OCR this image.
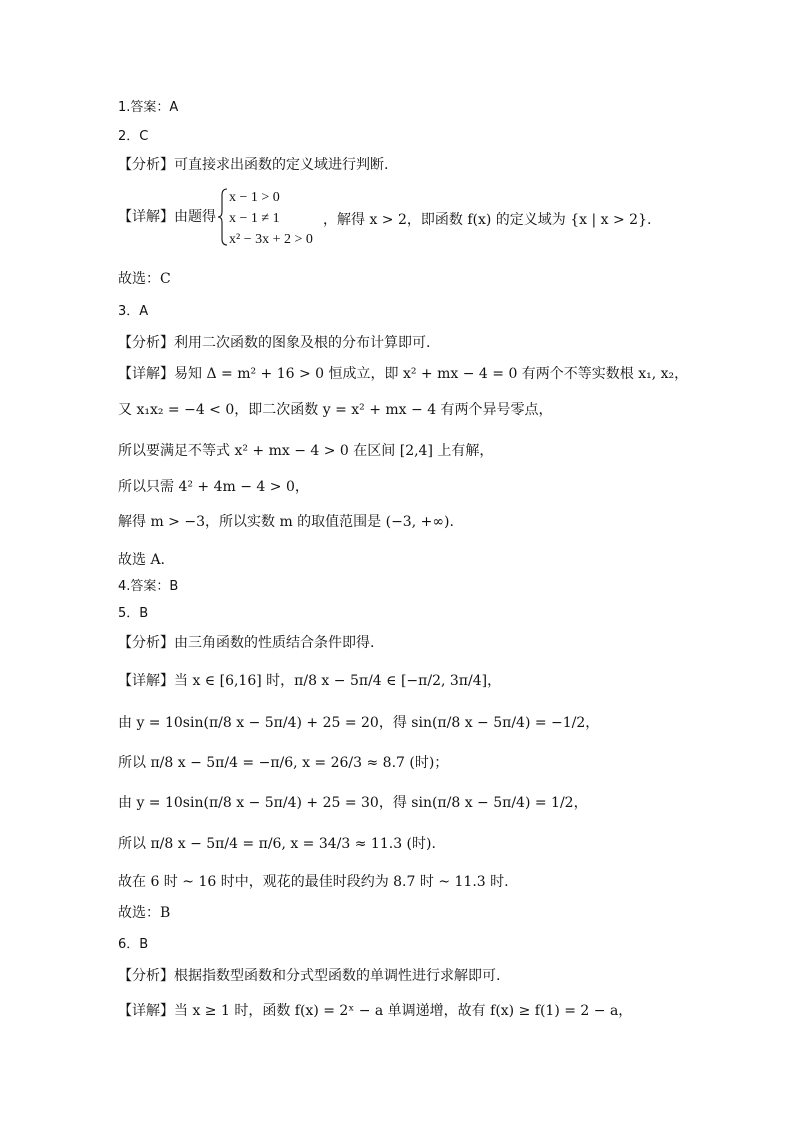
1.答案：A
2．C
【分析】可直接求出函数的定义域进行判断.
【详解】由题得
x − 1 > 0
x − 1 ≠ 1
x² − 3x + 2 > 0
，解得 x > 2，即函数 f(x) 的定义域为 {x | x > 2}.
故选：C
3．A
【分析】利用二次函数的图象及根的分布计算即可.
【详解】易知 Δ = m² + 16 > 0 恒成立，即 x² + mx − 4 = 0 有两个不等实数根 x₁, x₂，
又 x₁x₂ = −4 < 0，即二次函数 y = x² + mx − 4 有两个异号零点，
所以要满足不等式 x² + mx − 4 > 0 在区间 [2,4] 上有解，
所以只需 4² + 4m − 4 > 0，
解得 m > −3，所以实数 m 的取值范围是 (−3, +∞).
故选 A.
4.答案：B
5．B
【分析】由三角函数的性质结合条件即得.
【详解】当 x ∈ [6,16] 时，π/8 x − 5π/4 ∈ [−π/2, 3π/4]，
由 y = 10sin(π/8 x − 5π/4) + 25 = 20，得 sin(π/8 x − 5π/4) = −1/2，
所以 π/8 x − 5π/4 = −π/6, x = 26/3 ≈ 8.7 (时)；
由 y = 10sin(π/8 x − 5π/4) + 25 = 30，得 sin(π/8 x − 5π/4) = 1/2，
所以 π/8 x − 5π/4 = π/6, x = 34/3 ≈ 11.3 (时).
故在 6 时 ~ 16 时中，观花的最佳时段约为 8.7 时 ~ 11.3 时.
故选：B
6．B
【分析】根据指数型函数和分式型函数的单调性进行求解即可.
【详解】当 x ≥ 1 时，函数 f(x) = 2ˣ − a 单调递增，故有 f(x) ≥ f(1) = 2 − a，
